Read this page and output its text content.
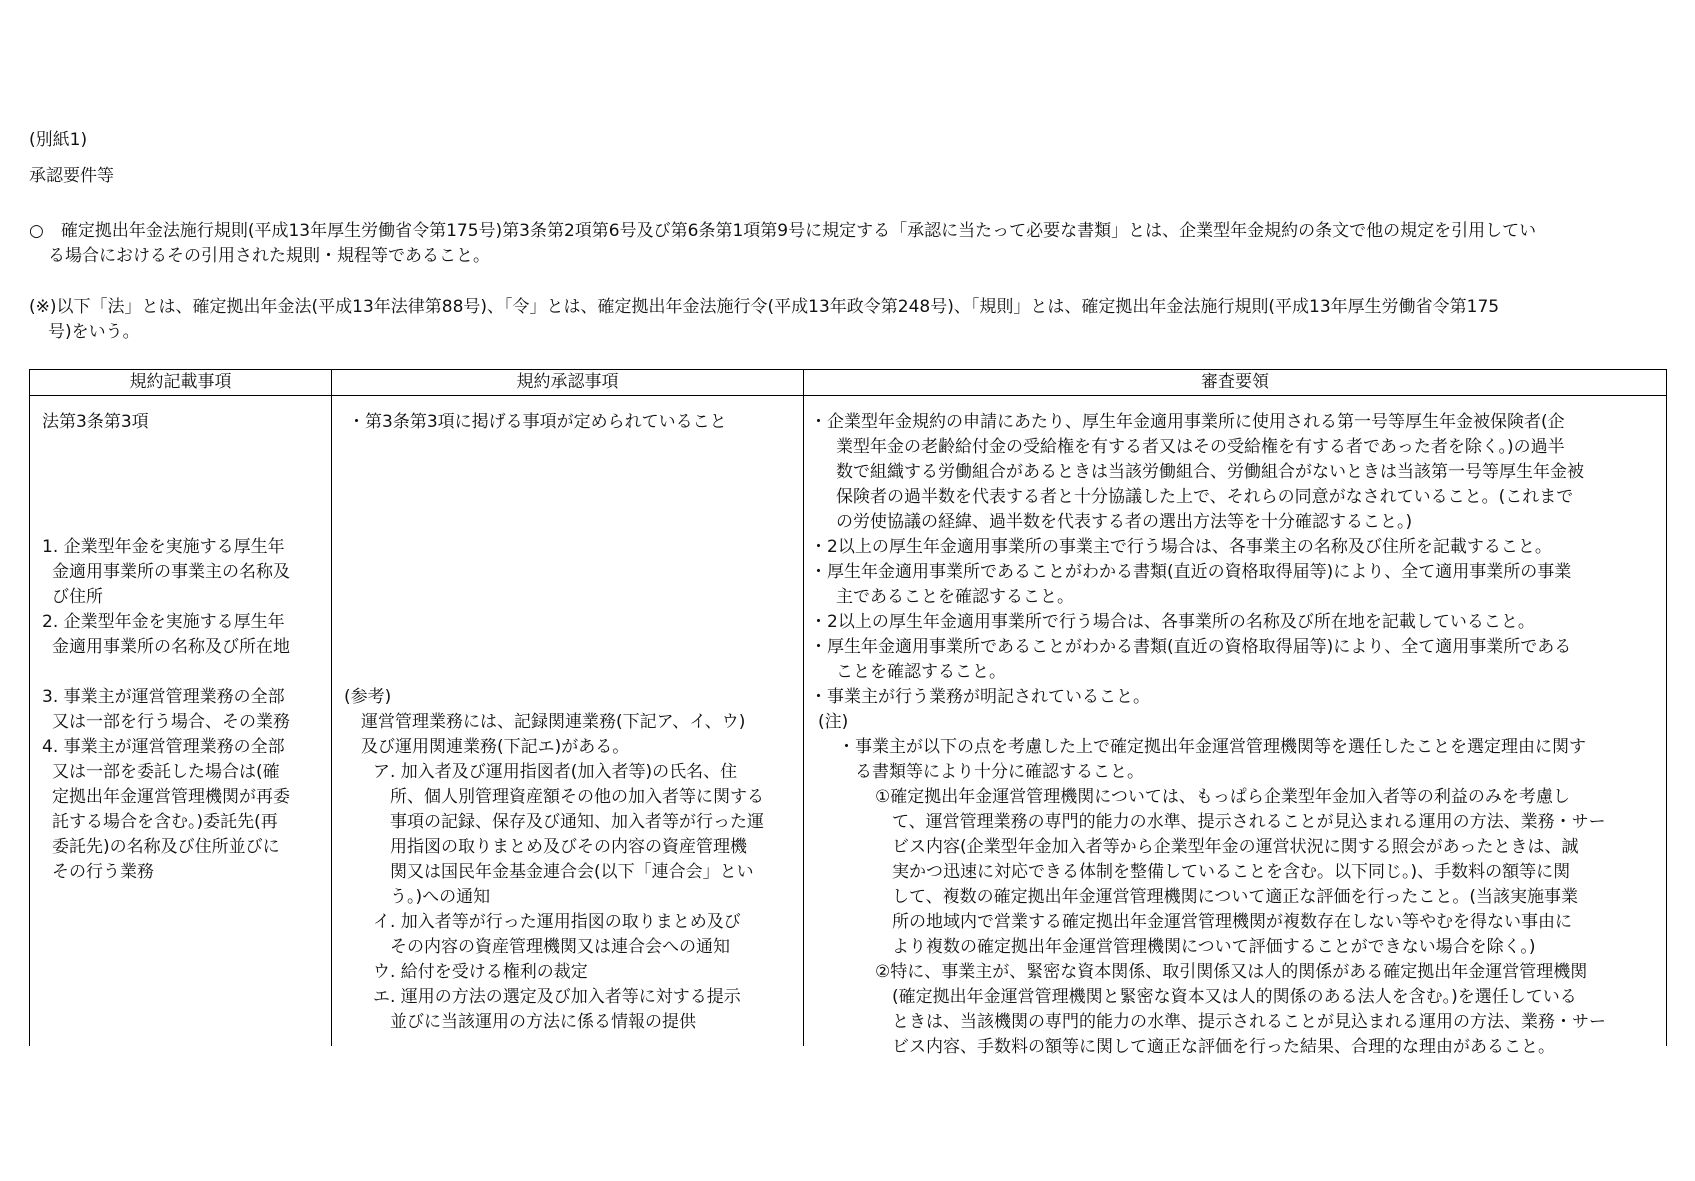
(別紙1)
承認要件等
○　確定拠出年金法施行規則(平成13年厚生労働省令第175号)第3条第2項第6号及び第6条第1項第9号に規定する「承認に当たって必要な書類」とは、企業型年金規約の条文で他の規定を引用してい
る場合におけるその引用された規則・規程等であること。
(※)以下「法」とは、確定拠出年金法(平成13年法律第88号)、「令」とは、確定拠出年金法施行令(平成13年政令第248号)、「規則」とは、確定拠出年金法施行規則(平成13年厚生労働省令第175
号)をいう。
規約記載事項	規約承認事項	審査要領
法第3条第3項
1. 企業型年金を実施する厚生年
金適用事業所の事業主の名称及
び住所
2. 企業型年金を実施する厚生年
金適用事業所の名称及び所在地
3. 事業主が運営管理業務の全部
又は一部を行う場合、その業務
4. 事業主が運営管理業務の全部
又は一部を委託した場合は(確
定拠出年金運営管理機関が再委
託する場合を含む。)委託先(再
委託先)の名称及び住所並びに
その行う業務
・第3条第3項に掲げる事項が定められていること
(参考)
運営管理業務には、記録関連業務(下記ア、イ、ウ)
及び運用関連業務(下記エ)がある。
ア. 加入者及び運用指図者(加入者等)の氏名、住
所、個人別管理資産額その他の加入者等に関する
事項の記録、保存及び通知、加入者等が行った運
用指図の取りまとめ及びその内容の資産管理機
関又は国民年金基金連合会(以下「連合会」とい
う。)への通知
イ. 加入者等が行った運用指図の取りまとめ及び
その内容の資産管理機関又は連合会への通知
ウ. 給付を受ける権利の裁定
エ. 運用の方法の選定及び加入者等に対する提示
並びに当該運用の方法に係る情報の提供
・企業型年金規約の申請にあたり、厚生年金適用事業所に使用される第一号等厚生年金被保険者(企
業型年金の老齢給付金の受給権を有する者又はその受給権を有する者であった者を除く。)の過半
数で組織する労働組合があるときは当該労働組合、労働組合がないときは当該第一号等厚生年金被
保険者の過半数を代表する者と十分協議した上で、それらの同意がなされていること。(これまで
の労使協議の経緯、過半数を代表する者の選出方法等を十分確認すること。)
・2以上の厚生年金適用事業所の事業主で行う場合は、各事業主の名称及び住所を記載すること。
・厚生年金適用事業所であることがわかる書類(直近の資格取得届等)により、全て適用事業所の事業
主であることを確認すること。
・2以上の厚生年金適用事業所で行う場合は、各事業所の名称及び所在地を記載していること。
・厚生年金適用事業所であることがわかる書類(直近の資格取得届等)により、全て適用事業所である
ことを確認すること。
・事業主が行う業務が明記されていること。
(注)
・事業主が以下の点を考慮した上で確定拠出年金運営管理機関等を選任したことを選定理由に関す
る書類等により十分に確認すること。
①確定拠出年金運営管理機関については、もっぱら企業型年金加入者等の利益のみを考慮し
て、運営管理業務の専門的能力の水準、提示されることが見込まれる運用の方法、業務・サー
ビス内容(企業型年金加入者等から企業型年金の運営状況に関する照会があったときは、誠
実かつ迅速に対応できる体制を整備していることを含む。以下同じ。)、手数料の額等に関
して、複数の確定拠出年金運営管理機関について適正な評価を行ったこと。(当該実施事業
所の地域内で営業する確定拠出年金運営管理機関が複数存在しない等やむを得ない事由に
より複数の確定拠出年金運営管理機関について評価することができない場合を除く。)
②特に、事業主が、緊密な資本関係、取引関係又は人的関係がある確定拠出年金運営管理機関
(確定拠出年金運営管理機関と緊密な資本又は人的関係のある法人を含む。)を選任している
ときは、当該機関の専門的能力の水準、提示されることが見込まれる運用の方法、業務・サー
ビス内容、手数料の額等に関して適正な評価を行った結果、合理的な理由があること。
